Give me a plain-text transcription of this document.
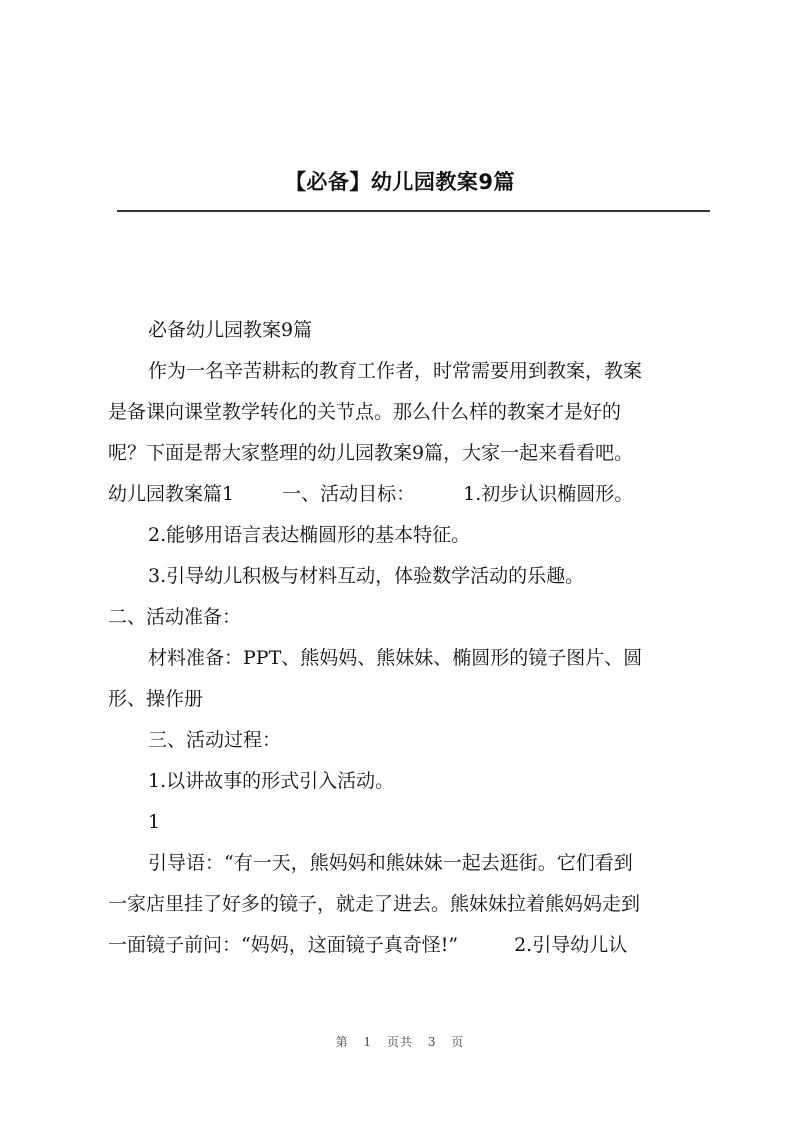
【必备】幼儿园教案9篇
必备幼儿园教案9篇
作为一名辛苦耕耘的教育工作者，时常需要用到教案，教案
是备课向课堂教学转化的关节点。那么什么样的教案才是好的
呢？下面是帮大家整理的幼儿园教案9篇，大家一起来看看吧。
幼儿园教案篇1	一、活动目标：	1.初步认识椭圆形。
2.能够用语言表达椭圆形的基本特征。
3.引导幼儿积极与材料互动，体验数学活动的乐趣。
二、活动准备：
材料准备：PPT、熊妈妈、熊妹妹、椭圆形的镜子图片、圆
形、操作册
三、活动过程：
1.以讲故事的形式引入活动。
1
引导语：“有一天，熊妈妈和熊妹妹一起去逛街。它们看到
一家店里挂了好多的镜子，就走了进去。熊妹妹拉着熊妈妈走到
一面镜子前问：“妈妈，这面镜子真奇怪!”	2.引导幼儿认
第 1 页共 3 页
